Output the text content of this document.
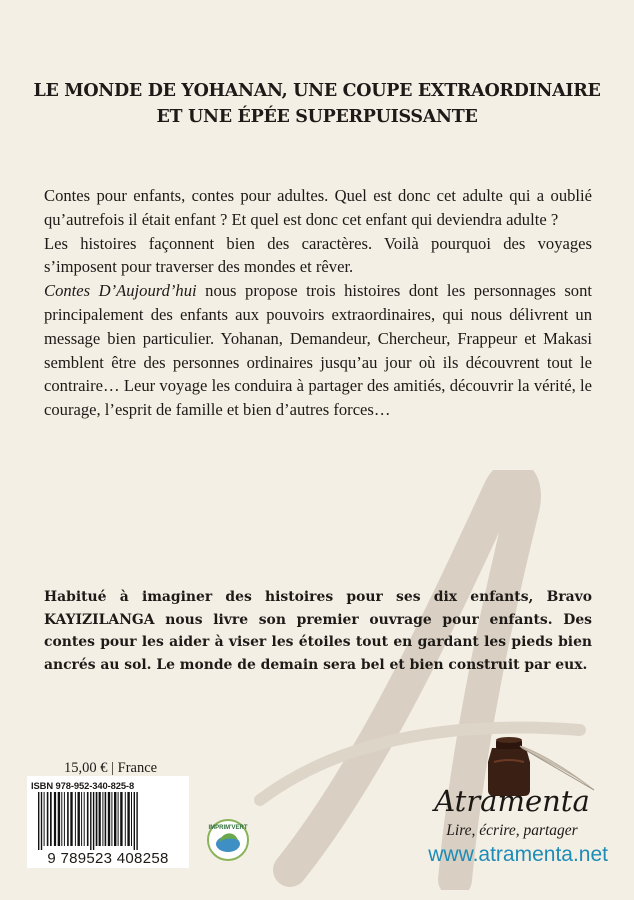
LE MONDE DE YOHANAN, UNE COUPE EXTRAORDINAIRE
ET UNE ÉPÉE SUPERPUISSANTE

Contes pour enfants, contes pour adultes. Quel est donc cet adulte qui a oublié qu’autrefois il était enfant ? Et quel est donc cet enfant qui deviendra adulte ?

Les histoires façonnent bien des caractères. Voilà pourquoi des voyages s’imposent pour traverser des mondes et rêver.

Contes D’Aujourd’hui nous propose trois histoires dont les personnages sont principalement des enfants aux pouvoirs extraordinaires, qui nous délivrent un message bien particulier. Yohanan, Demandeur, Chercheur, Frappeur et Makasi semblent être des personnes ordinaires jusqu’au jour où ils découvrent tout le contraire… Leur voyage les conduira à partager des amitiés, découvrir la vérité, le courage, l’esprit de famille et bien d’autres forces…

Habitué à imaginer des histoires pour ses dix enfants, Bravo KAYIZILANGA nous livre son premier ouvrage pour enfants. Des contes pour les aider à viser les étoiles tout en gardant les pieds bien ancrés au sol. Le monde de demain sera bel et bien construit par eux.
15,00 € | France
ISBN 978-952-340-825-8
9 789523 408258
IMPRIM'VERT
Atramenta
Lire, écrire, partager
www.atramenta.net
